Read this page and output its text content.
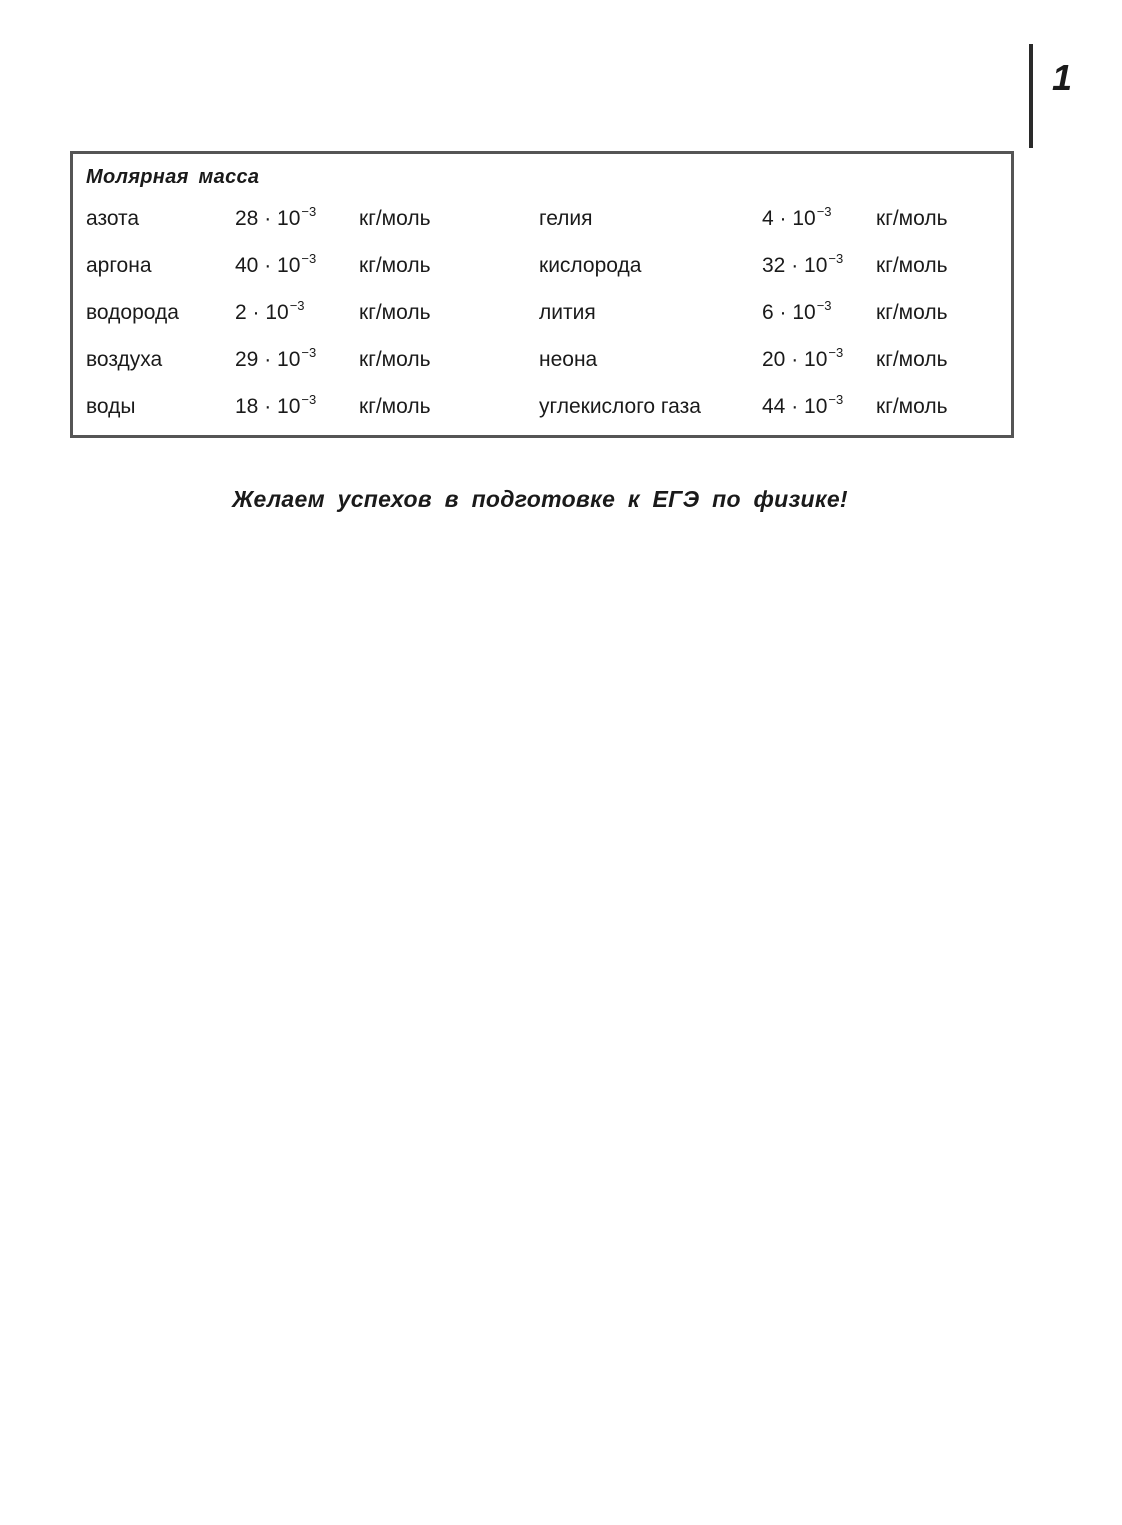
1
Молярная масса
азота	$28 \cdot 10^{-3}$ кг/моль	гелия	$4 \cdot 10^{-3}$ кг/моль
аргона	$40 \cdot 10^{-3}$ кг/моль	кислорода	$32 \cdot 10^{-3}$ кг/моль
водорода	$2 \cdot 10^{-3}$	кг/моль	лития	$6 \cdot 10^{-3}$ кг/моль
воздуха	$29 \cdot 10^{-3}$ кг/моль	неона	$20 \cdot 10^{-3}$ кг/моль
воды	$18 \cdot 10^{-3}$ кг/моль	углекислого газа	$44 \cdot 10^{-3}$ кг/моль
Желаем успехов в подготовке к ЕГЭ по физике!
